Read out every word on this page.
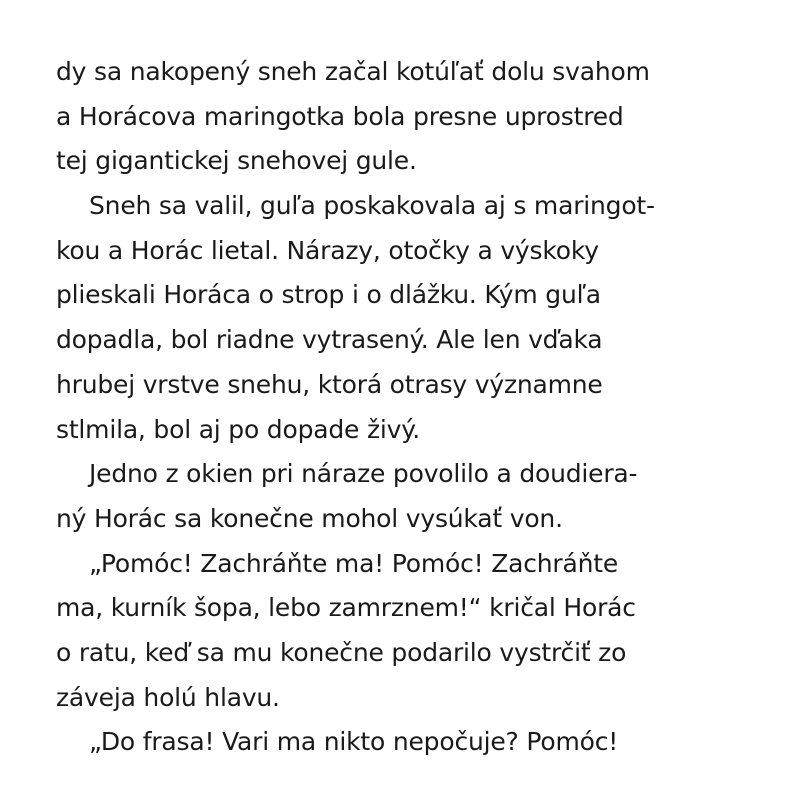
dy sa nakopený sneh začal kotúľať dolu svahom
a Horácova maringotka bola presne uprostred
tej gigantickej snehovej gule.
Sneh sa valil, guľa poskakovala aj s maringot-
kou a Horác lietal. Nárazy, otočky a výskoky
plieskali Horáca o strop i o dlážku. Kým guľa
dopadla, bol riadne vytrasený. Ale len vďaka
hrubej vrstve snehu, ktorá otrasy významne
stlmila, bol aj po dopade živý.
Jedno z okien pri náraze povolilo a doudiera-
ný Horác sa konečne mohol vysúkať von.
„Pomóc! Zachráňte ma! Pomóc! Zachráňte
ma, kurník šopa, lebo zamrznem!“ kričal Horác
o ratu, keď sa mu konečne podarilo vystrčiť zo
záveja holú hlavu.
„Do frasa! Vari ma nikto nepočuje? Pomóc!
